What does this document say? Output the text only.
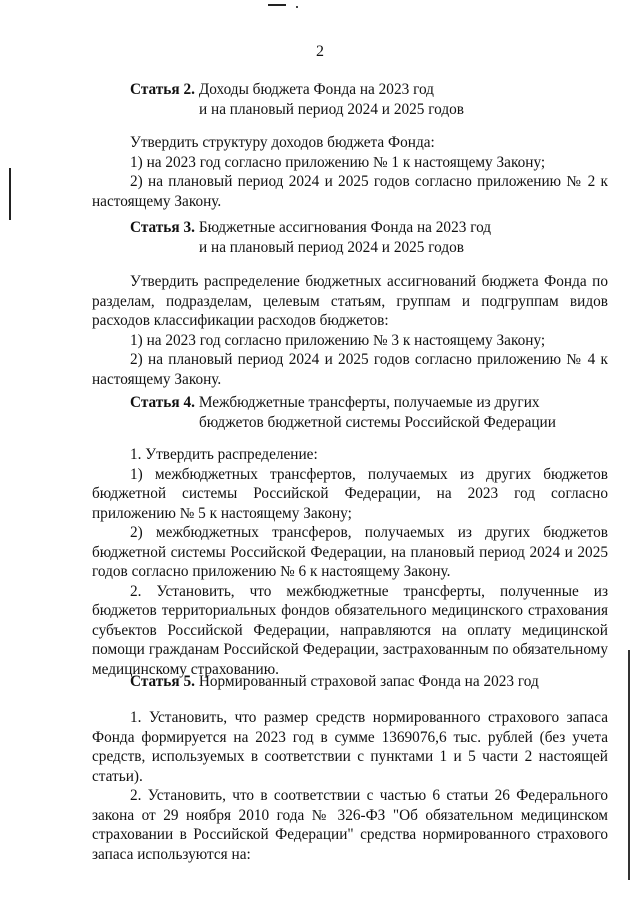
2
Статья 2. Доходы бюджета Фонда на 2023 год
и на плановый период 2024 и 2025 годов
Утвердить структуру доходов бюджета Фонда:
1) на 2023 год согласно приложению № 1 к настоящему Закону;
2) на плановый период 2024 и 2025 годов согласно приложению № 2 к настоящему Закону.
Статья 3. Бюджетные ассигнования Фонда на 2023 год
и на плановый период 2024 и 2025 годов
Утвердить распределение бюджетных ассигнований бюджета Фонда по разделам, подразделам, целевым статьям, группам и подгруппам видов расходов классификации расходов бюджетов:
1) на 2023 год согласно приложению № 3 к настоящему Закону;
2) на плановый период 2024 и 2025 годов согласно приложению № 4 к настоящему Закону.
Статья 4. Межбюджетные трансферты, получаемые из других
бюджетов бюджетной системы Российской Федерации
1. Утвердить распределение:
1) межбюджетных трансфертов, получаемых из других бюджетов бюджетной системы Российской Федерации, на 2023 год согласно приложению № 5 к настоящему Закону;
2) межбюджетных трансферов, получаемых из других бюджетов бюджетной системы Российской Федерации, на плановый период 2024 и 2025 годов согласно приложению № 6 к настоящему Закону.
2. Установить, что межбюджетные трансферты, полученные из бюджетов территориальных фондов обязательного медицинского страхования субъектов Российской Федерации, направляются на оплату медицинской помощи гражданам Российской Федерации, застрахованным по обязательному медицинскому страхованию.
Статья 5. Нормированный страховой запас Фонда на 2023 год
1. Установить, что размер средств нормированного страхового запаса Фонда формируется на 2023 год в сумме 1369076,6 тыс. рублей (без учета средств, используемых в соответствии с пунктами 1 и 5 части 2 настоящей статьи).
2. Установить, что в соответствии с частью 6 статьи 26 Федерального закона от 29 ноября 2010 года № 326-ФЗ "Об обязательном медицинском страховании в Российской Федерации" средства нормированного страхового запаса используются на:
